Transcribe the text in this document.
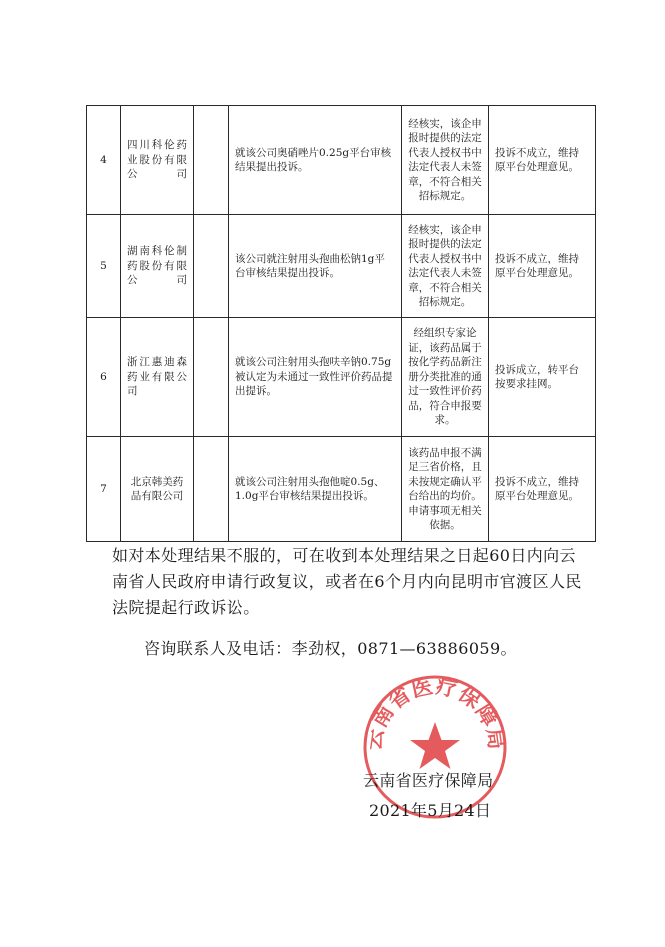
4	四川科伦药业股份有限公司		就该公司奥硝唑片0.25g平台审核结果提出投诉。	经核实，该企申报时提供的法定代表人授权书中法定代表人未签章，不符合相关招标规定。	投诉不成立，维持原平台处理意见。
5	湖南科伦制药股份有限公司		该公司就注射用头孢曲松钠1g平台审核结果提出投诉。	经核实，该企申报时提供的法定代表人授权书中法定代表人未签章，不符合相关招标规定。	投诉不成立，维持原平台处理意见。
6	浙江惠迪森药业有限公司		就该公司注射用头孢呋辛钠0.75g被认定为未通过一致性评价药品提出提诉。	经组织专家论证，该药品属于按化学药品新注册分类批准的通过一致性评价药品，符合申报要求。	投诉成立，转平台按要求挂网。
7	北京韩美药品有限公司		就该公司注射用头孢他啶0.5g、1.0g平台审核结果提出投诉。	该药品申报不满足三省价格，且未按规定确认平台给出的均价。申请事项无相关依据。	投诉不成立，维持原平台处理意见。

如对本处理结果不服的，可在收到本处理结果之日起60日内向云南省人民政府申请行政复议，或者在6个月内向昆明市官渡区人民法院提起行政诉讼。

咨询联系人及电话：李劲权，0871—63886059。

云南省医疗保障局
云南省医疗保障局
2021年5月24日
